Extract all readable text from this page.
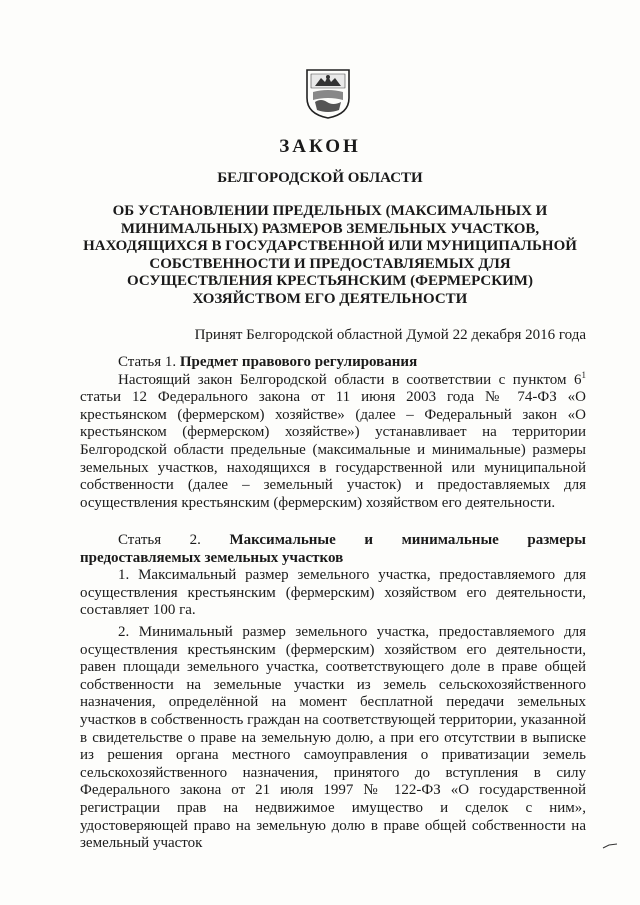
ЗАКОН
БЕЛГОРОДСКОЙ ОБЛАСТИ
ОБ УСТАНОВЛЕНИИ ПРЕДЕЛЬНЫХ (МАКСИМАЛЬНЫХ И
МИНИМАЛЬНЫХ) РАЗМЕРОВ ЗЕМЕЛЬНЫХ УЧАСТКОВ,
НАХОДЯЩИХСЯ В ГОСУДАРСТВЕННОЙ ИЛИ МУНИЦИПАЛЬНОЙ
СОБСТВЕННОСТИ И ПРЕДОСТАВЛЯЕМЫХ ДЛЯ
ОСУЩЕСТВЛЕНИЯ КРЕСТЬЯНСКИМ (ФЕРМЕРСКИМ)
ХОЗЯЙСТВОМ ЕГО ДЕЯТЕЛЬНОСТИ
Принят Белгородской областной Думой 22 декабря 2016 года

Статья 1. Предмет правового регулирования

Настоящий закон Белгородской области в соответствии с пунктом $6^1$ статьи 12 Федерального закона от 11 июня 2003 года № 74-ФЗ «О крестьянском (фермерском) хозяйстве» (далее – Федеральный закон «О крестьянском (фермерском) хозяйстве») устанавливает на территории Белгородской области предельные (максимальные и минимальные) размеры земельных участков, находящихся в государственной или муниципальной собственности (далее – земельный участок) и предоставляемых для осуществления крестьянским (фермерским) хозяйством его деятельности.

Статья 2. Максимальные и минимальные размеры

предоставляемых земельных участков

1. Максимальный размер земельного участка, предоставляемого для осуществления крестьянским (фермерским) хозяйством его деятельности, составляет 100 га.

2. Минимальный размер земельного участка, предоставляемого для осуществления крестьянским (фермерским) хозяйством его деятельности, равен площади земельного участка, соответствующего доле в праве общей собственности на земельные участки из земель сельскохозяйственного назначения, определённой на момент бесплатной передачи земельных участков в собственность граждан на соответствующей территории, указанной в свидетельстве о праве на земельную долю, а при его отсутствии в выписке из решения органа местного самоуправления о приватизации земель сельскохозяйственного назначения, принятого до вступления в силу Федерального закона от 21 июля 1997 № 122-ФЗ «О государственной регистрации прав на недвижимое имущество и сделок с ним», удостоверяющей право на земельную долю в праве общей собственности на земельный участок
